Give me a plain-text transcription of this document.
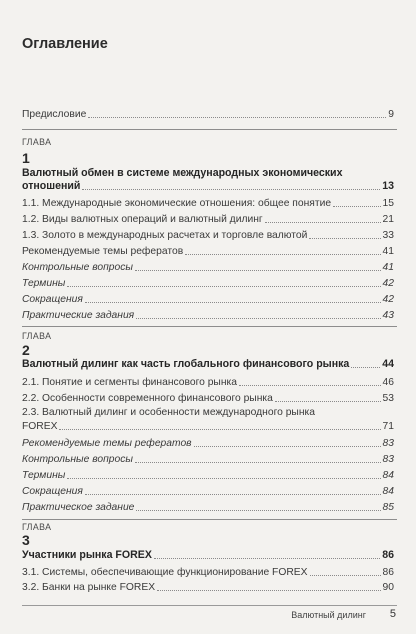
Оглавление
Предисловие	9
ГЛАВА
1
Валютный обмен в системе международных экономических
отношений	13
1.1. Международные экономические отношения: общее понятие	15
1.2. Виды валютных операций и валютный дилинг	21
1.3. Золото в международных расчетах и торговле валютой	33
Рекомендуемые темы рефератов	41
Контрольные вопросы	41
Термины	42
Сокращения	42
Практические задания	43
ГЛАВА
2
Валютный дилинг как часть глобального финансового рынка	44
2.1. Понятие и сегменты финансового рынка	46
2.2. Особенности современного финансового рынка	53
2.3. Валютный дилинг и особенности международного рынка
FOREX	71
Рекомендуемые темы рефератов	83
Контрольные вопросы	83
Термины	84
Сокращения	84
Практическое задание	85
ГЛАВА
3
Участники рынка FOREX	86
3.1. Системы, обеспечивающие функционирование FOREX	86
3.2. Банки на рынке FOREX	90
Валютный дилинг 5
